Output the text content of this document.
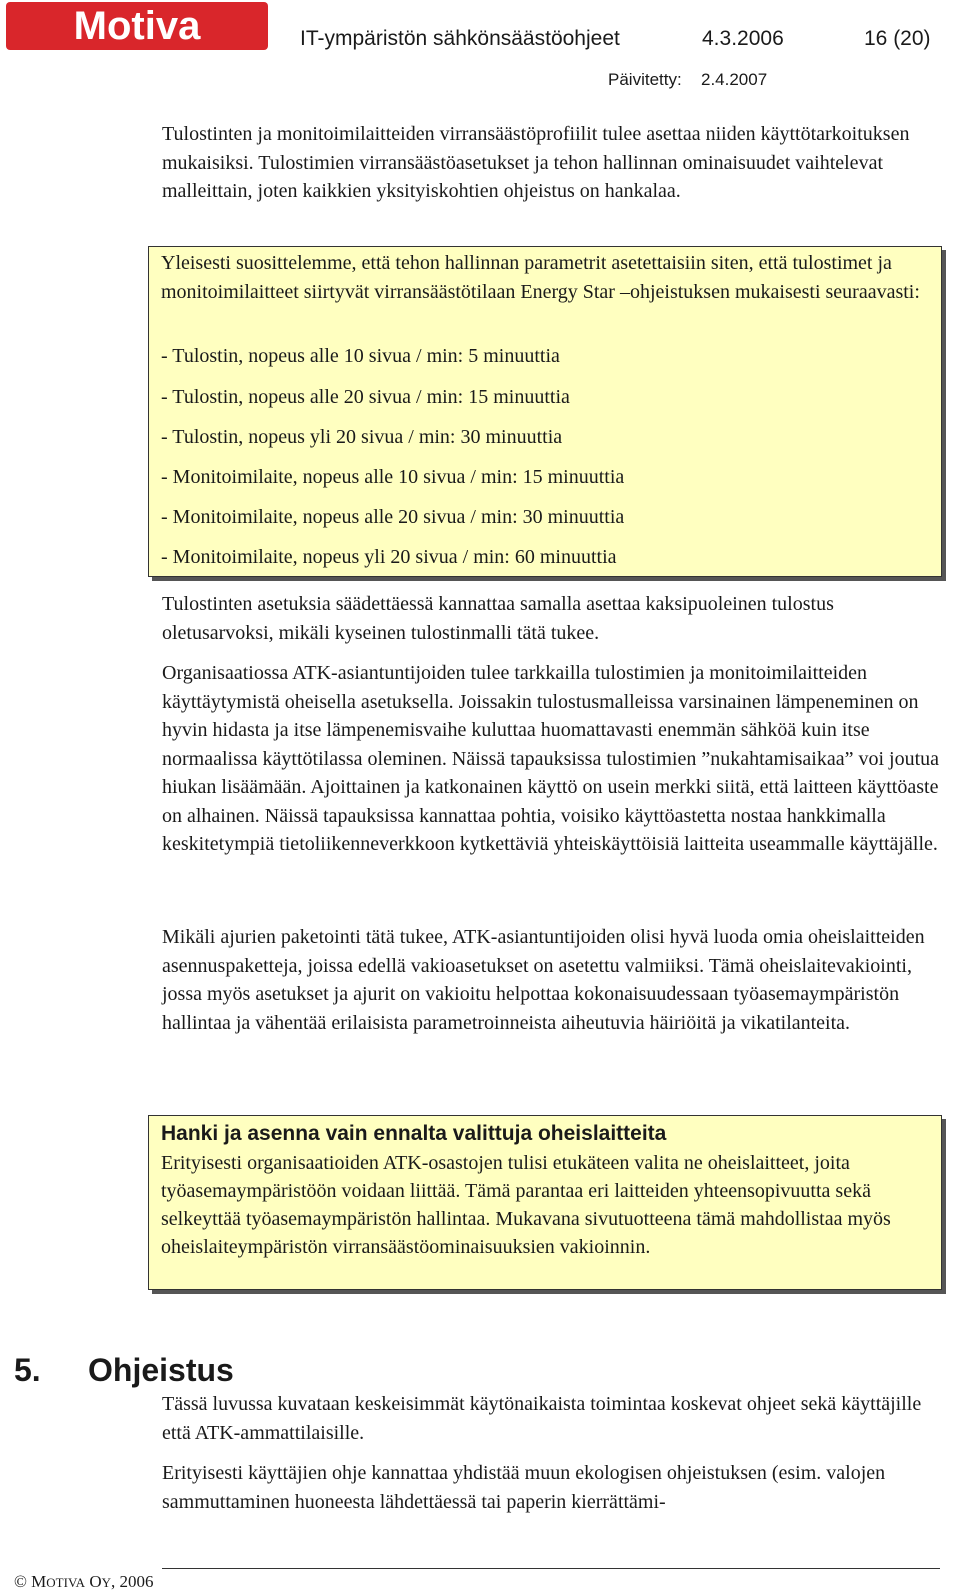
Motiva	IT-ympäristön sähkönsäästöohjeet	4.3.2006	16 (20)
Päivitetty: 2.4.2007

Tulostinten ja monitoimilaitteiden virransäästöprofiilit tulee asettaa niiden käyttötarkoituksen mukaisiksi. Tulostimien virransäästöasetukset ja tehon hallinnan ominaisuudet vaihtelevat malleittain, joten kaikkien yksityiskohtien ohjeistus on hankalaa.

Yleisesti suosittelemme, että tehon hallinnan parametrit asetettaisiin siten, että tulostimet ja monitoimilaitteet siirtyvät virransäästötilaan Energy Star –ohjeistuksen mukaisesti seuraavasti:

- Tulostin, nopeus alle 10 sivua / min: 5 minuuttia
- Tulostin, nopeus alle 20 sivua / min: 15 minuuttia
- Tulostin, nopeus yli 20 sivua / min: 30 minuuttia
- Monitoimilaite, nopeus alle 10 sivua / min: 15 minuuttia
- Monitoimilaite, nopeus alle 20 sivua / min: 30 minuuttia
- Monitoimilaite, nopeus yli 20 sivua / min: 60 minuuttia

Tulostinten asetuksia säädettäessä kannattaa samalla asettaa kaksipuoleinen tulostus oletusarvoksi, mikäli kyseinen tulostinmalli tätä tukee.

Organisaatiossa ATK-asiantuntijoiden tulee tarkkailla tulostimien ja monitoimilaitteiden käyttäytymistä oheisella asetuksella. Joissakin tulostusmalleissa varsinainen lämpeneminen on hyvin hidasta ja itse lämpenemisvaihe kuluttaa huomattavasti enemmän sähköä kuin itse normaalissa käyttötilassa oleminen. Näissä tapauksissa tulostimien ”nukahtamisaikaa” voi joutua hiukan lisäämään. Ajoittainen ja katkonainen käyttö on usein merkki siitä, että laitteen käyttöaste on alhainen. Näissä tapauksissa kannattaa pohtia, voisiko käyttöastetta nostaa hankkimalla keskitetympiä tietoliikenneverkkoon kytkettäviä yhteiskäyttöisiä laitteita useammalle käyttäjälle.

Mikäli ajurien paketointi tätä tukee, ATK-asiantuntijoiden olisi hyvä luoda omia oheislaitteiden asennuspaketteja, joissa edellä vakioasetukset on asetettu valmiiksi. Tämä oheislaitevakiointi, jossa myös asetukset ja ajurit on vakioitu helpottaa kokonaisuudessaan työasemaympäristön hallintaa ja vähentää erilaisista parametroinneista aiheutuvia häiriöitä ja vikatilanteita.

Hanki ja asenna vain ennalta valittuja oheislaitteita

Erityisesti organisaatioiden ATK-osastojen tulisi etukäteen valita ne oheislaitteet, joita työasemaympäristöön voidaan liittää. Tämä parantaa eri laitteiden yhteensopivuutta sekä selkeyttää työasemaympäristön hallintaa. Mukavana sivutuotteena tämä mahdollistaa myös oheislaiteympäristön virransäästöominaisuuksien vakioinnin.

5. Ohjeistus

Tässä luvussa kuvataan keskeisimmät käytönaikaista toimintaa koskevat ohjeet sekä käyttäjille että ATK-ammattilaisille.

Erityisesti käyttäjien ohje kannattaa yhdistää muun ekologisen ohjeistuksen (esim. valojen sammuttaminen huoneesta lähdettäessä tai paperin kierrättämi-

© MOTIVA OY, 2006
